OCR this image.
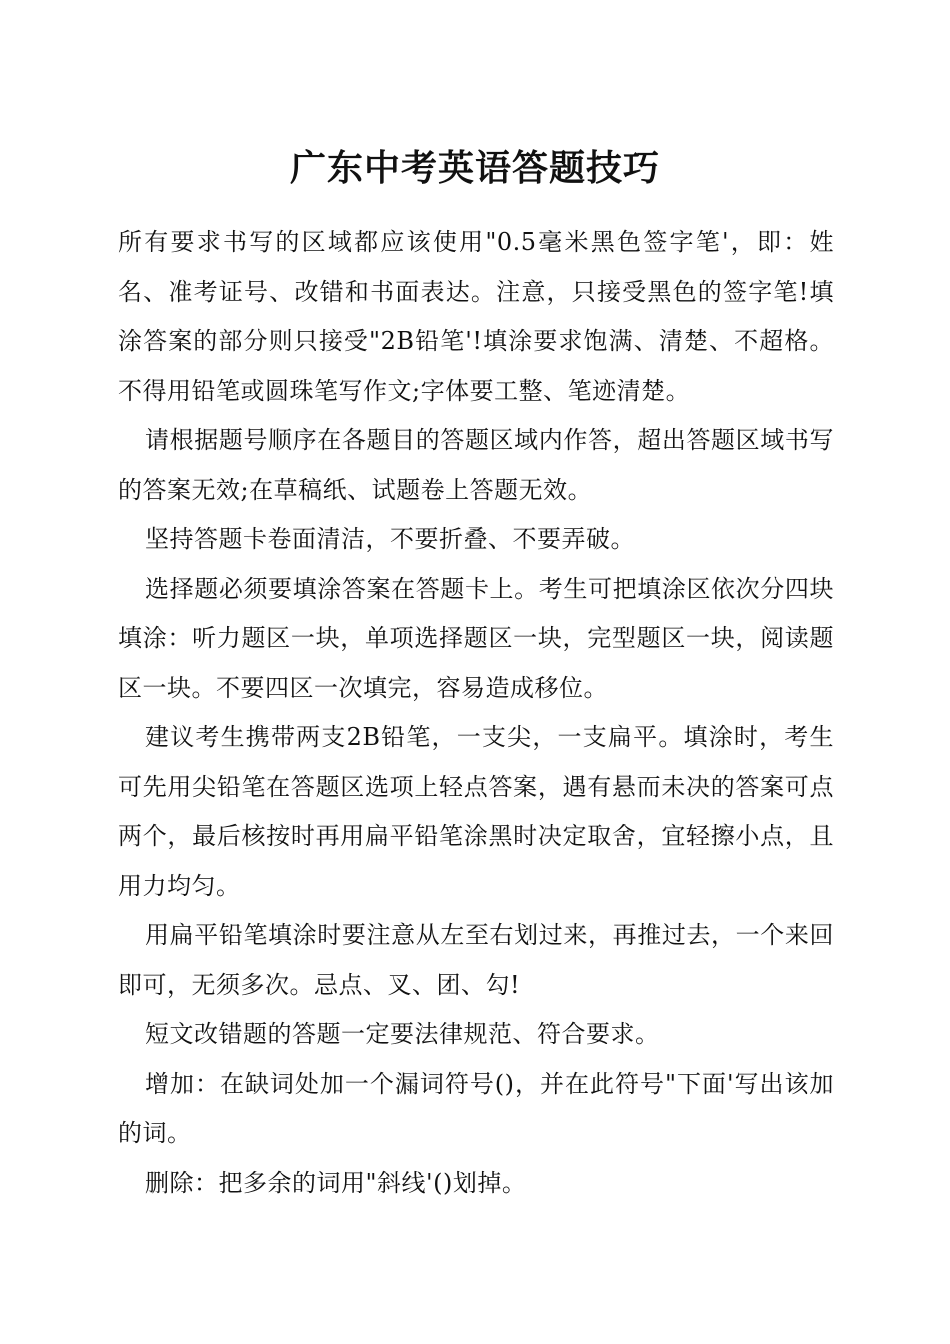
广东中考英语答题技巧

所有要求书写的区域都应该使用"0.5毫米黑色签字笔'，即：姓名、准考证号、改错和书面表达。注意，只接受黑色的签字笔!填涂答案的部分则只接受"2B铅笔'!填涂要求饱满、清楚、不超格。不得用铅笔或圆珠笔写作文;字体要工整、笔迹清楚。

请根据题号顺序在各题目的答题区域内作答，超出答题区域书写的答案无效;在草稿纸、试题卷上答题无效。

坚持答题卡卷面清洁，不要折叠、不要弄破。

选择题必须要填涂答案在答题卡上。考生可把填涂区依次分四块填涂：听力题区一块，单项选择题区一块，完型题区一块，阅读题区一块。不要四区一次填完，容易造成移位。

建议考生携带两支2B铅笔，一支尖，一支扁平。填涂时，考生可先用尖铅笔在答题区选项上轻点答案，遇有悬而未决的答案可点两个，最后核按时再用扁平铅笔涂黑时决定取舍，宜轻擦小点，且用力均匀。

用扁平铅笔填涂时要注意从左至右划过来，再推过去，一个来回即可，无须多次。忌点、叉、团、勾!

短文改错题的答题一定要法律规范、符合要求。

增加：在缺词处加一个漏词符号()，并在此符号"下面'写出该加的词。

删除：把多余的词用"斜线'()划掉。
